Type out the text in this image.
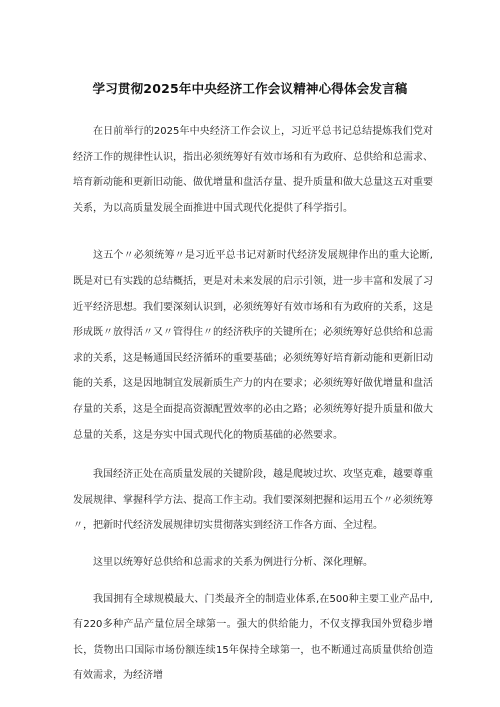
学习贯彻2025年中央经济工作会议精神心得体会发言稿

在日前举行的2025年中央经济工作会议上，习近平总书记总结提炼我们党对经济工作的规律性认识，指出必须统筹好有效市场和有为政府、总供给和总需求、培育新动能和更新旧动能、做优增量和盘活存量、提升质量和做大总量这五对重要关系，为以高质量发展全面推进中国式现代化提供了科学指引。

这五个〃必须统筹〃是习近平总书记对新时代经济发展规律作出的重大论断,既是对已有实践的总结概括，更是对未来发展的启示引领，进一步丰富和发展了习近平经济思想。我们要深刻认识到，必须统筹好有效市场和有为政府的关系，这是形成既〃放得活〃又〃管得住〃的经济秩序的关键所在；必须统筹好总供给和总需求的关系，这是畅通国民经济循环的重要基础；必须统筹好培育新动能和更新旧动能的关系，这是因地制宜发展新质生产力的内在要求；必须统筹好做优增量和盘活存量的关系，这是全面提高资源配置效率的必由之路；必须统筹好提升质量和做大总量的关系，这是夯实中国式现代化的物质基础的必然要求。

我国经济正处在高质量发展的关键阶段，越是爬坡过坎、攻坚克难，越要尊重发展规律、掌握科学方法、提高工作主动。我们要深刻把握和运用五个〃必须统筹〃，把新时代经济发展规律切实贯彻落实到经济工作各方面、全过程。

这里以统筹好总供给和总需求的关系为例进行分析、深化理解。

我国拥有全球规模最大、门类最齐全的制造业体系,在500种主要工业产品中,有220多种产品产量位居全球第一。强大的供给能力，不仅支撑我国外贸稳步增长，货物出口国际市场份额连续15年保持全球第一，也不断通过高质量供给创造有效需求，为经济增
